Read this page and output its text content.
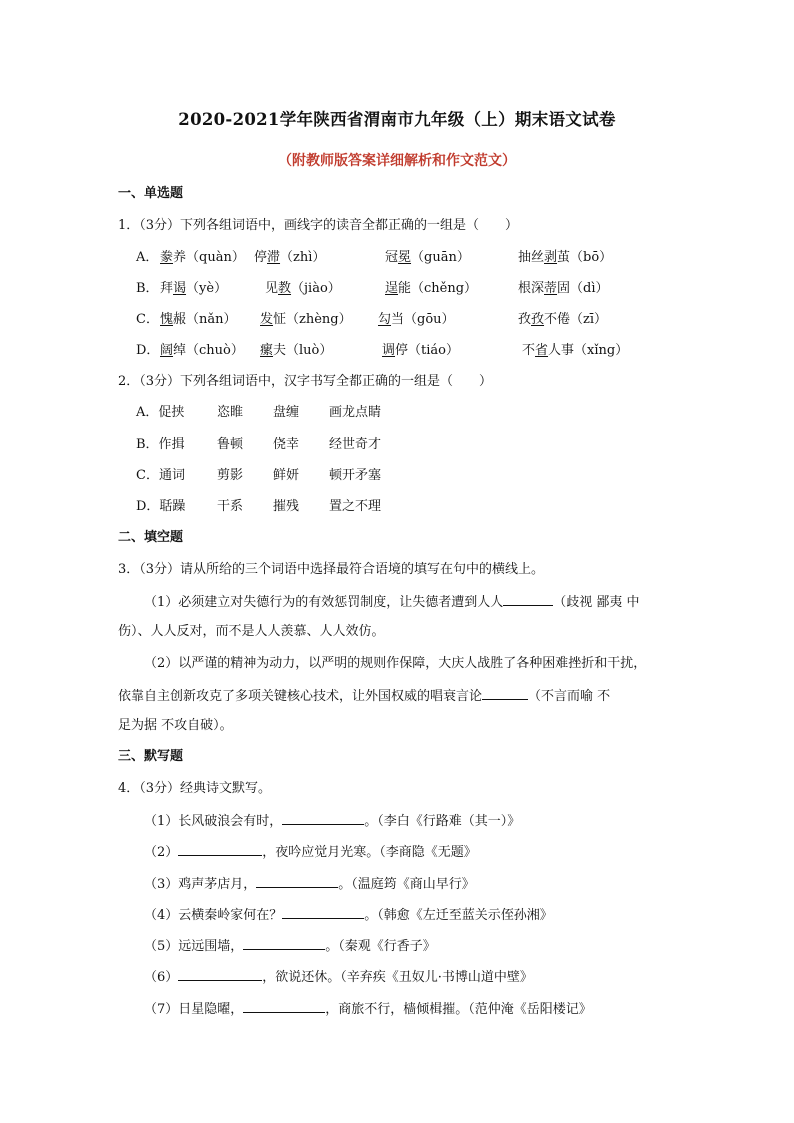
2020-2021学年陕西省渭南市九年级（上）期末语文试卷
（附教师版答案详细解析和作文范文）
一、单选题
1．（3分）下列各组词语中，画线字的读音全都正确的一组是（　　）
A． 豢养（quàn） 停滞（zhì）	冠冕（guān）	抽丝剥茧（bō）
B． 拜谒（yè）	见教（jiào）	逞能（chěng）	根深蒂固（dì）
C． 愧赧（nǎn） 发怔（zhèng） 勾当（gōu）	孜孜不倦（zī）
D． 阔绰（chuò） 瘰夫（luò）	调停（tiáo）	不省人事（xǐng）
2．（3分）下列各组词语中，汉字书写全都正确的一组是（　　）
A．促挟	恣睢 盘缠 画龙点睛
B．作揖 鲁顿 侥幸 经世奇才
C．通词 剪影 鲜妍 顿开矛塞
D．聒躁 干系 摧残 置之不理
二、填空题
3．（3分）请从所给的三个词语中选择最符合语境的填写在句中的横线上。
（1）必须建立对失德行为的有效惩罚制度，让失德者遭到人人	（歧视 鄙夷 中
伤）、人人反对，而不是人人羡慕、人人效仿。
（2）以严谨的精神为动力，以严明的规则作保障，大庆人战胜了各种困难挫折和干扰，
依靠自主创新攻克了多项关键核心技术，让外国权威的唱衰言论	（不言而喻 不
足为据 不攻自破）。
三、默写题
4．（3分）经典诗文默写。
（1）长风破浪会有时，	。（李白《行路难（其一）》
（2）	，夜吟应觉月光寒。（李商隐《无题》
（3）鸡声茅店月，	。（温庭筠《商山早行》
（4）云横秦岭家何在？	。（韩愈《左迁至蓝关示侄孙湘》
（5）远远围墙，	。（秦观《行香子》
（6）	，欲说还休。（辛弃疾《丑奴儿·书博山道中壁》
（7）日星隐曜，	，商旅不行，樯倾楫摧。（范仲淹《岳阳楼记》
